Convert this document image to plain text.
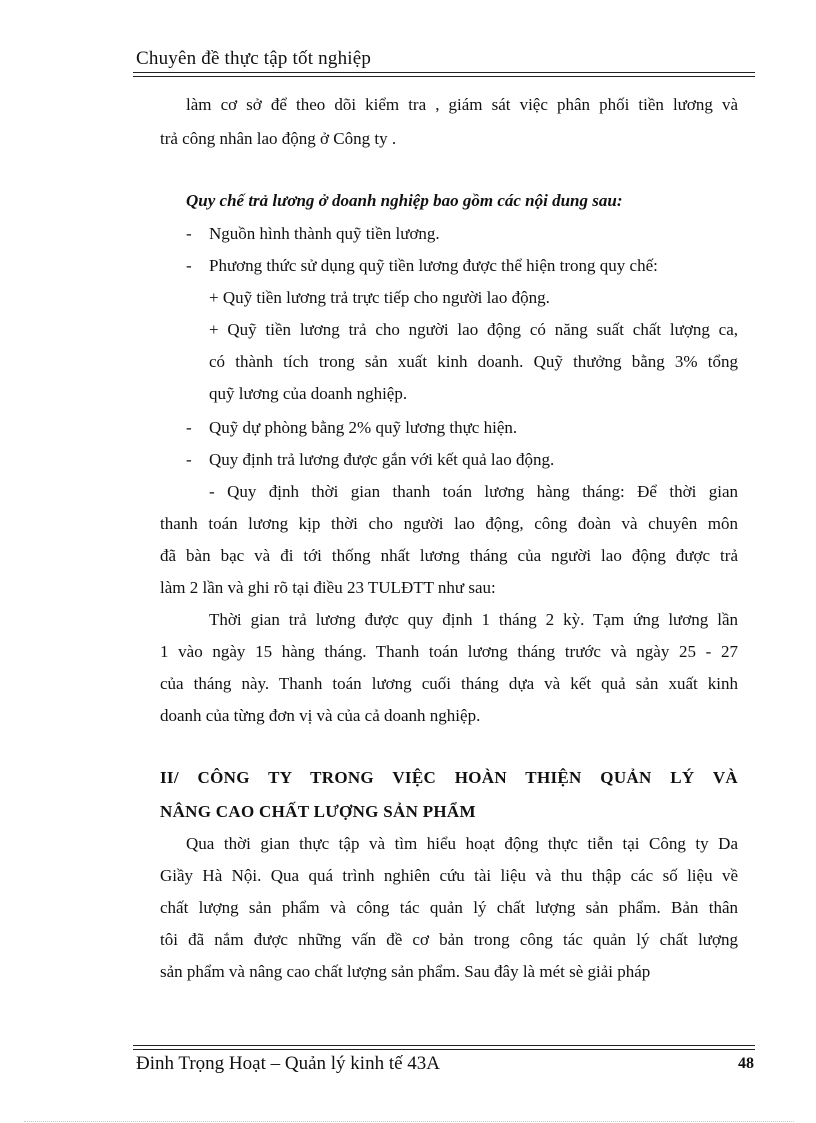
Chuyên đề thực tập tốt nghiệp
làm cơ sở để theo dõi kiểm tra , giám sát việc phân phối tiền lương và
trả công nhân lao động ở Công ty .
Quy chế trả lương ở doanh nghiệp bao gồm các nội dung sau:
- Nguồn hình thành quỹ tiền lương.
- Phương thức sử dụng quỹ tiền lương được thể hiện trong quy chế:
+ Quỹ tiền lương trả trực tiếp cho người lao động.
+ Quỹ tiền lương trả cho người lao động có năng suất chất lượng ca,
có thành tích trong sản xuất kinh doanh. Quỹ thưởng bằng 3% tổng
quỹ lương của doanh nghiệp.
- Quỹ dự phòng bằng 2% quỹ lương thực hiện.
- Quy định trả lương được gắn với kết quả lao động.
- Quy định thời gian thanh toán lương hàng tháng: Để thời gian
thanh toán lương kịp thời cho người lao động, công đoàn và chuyên môn
đã bàn bạc và đi tới thống nhất lương tháng của người lao động được trả
làm 2 lần và ghi rõ tại điều 23 TULĐTT như sau:
Thời gian trả lương được quy định 1 tháng 2 kỳ. Tạm ứng lương lần
1 vào ngày 15 hàng tháng. Thanh toán lương tháng trước và ngày 25 - 27
của tháng này. Thanh toán lương cuối tháng dựa và kết quả sản xuất kinh
doanh của từng đơn vị và của cả doanh nghiệp.
II/ CÔNG TY TRONG VIỆC HOÀN THIỆN QUẢN LÝ VÀ
NÂNG CAO CHẤT LƯỢNG SẢN PHẨM
Qua thời gian thực tập và tìm hiểu hoạt động thực tiễn tại Công ty Da
Giầy Hà Nội. Qua quá trình nghiên cứu tài liệu và thu thập các số liệu về
chất lượng sản phẩm và công tác quản lý chất lượng sản phẩm. Bản thân
tôi đã nắm được những vấn đề cơ bản trong công tác quản lý chất lượng
sản phẩm và nâng cao chất lượng sản phẩm. Sau đây là mét sè giải pháp
Đinh Trọng Hoạt – Quản lý kinh tế 43A	48
